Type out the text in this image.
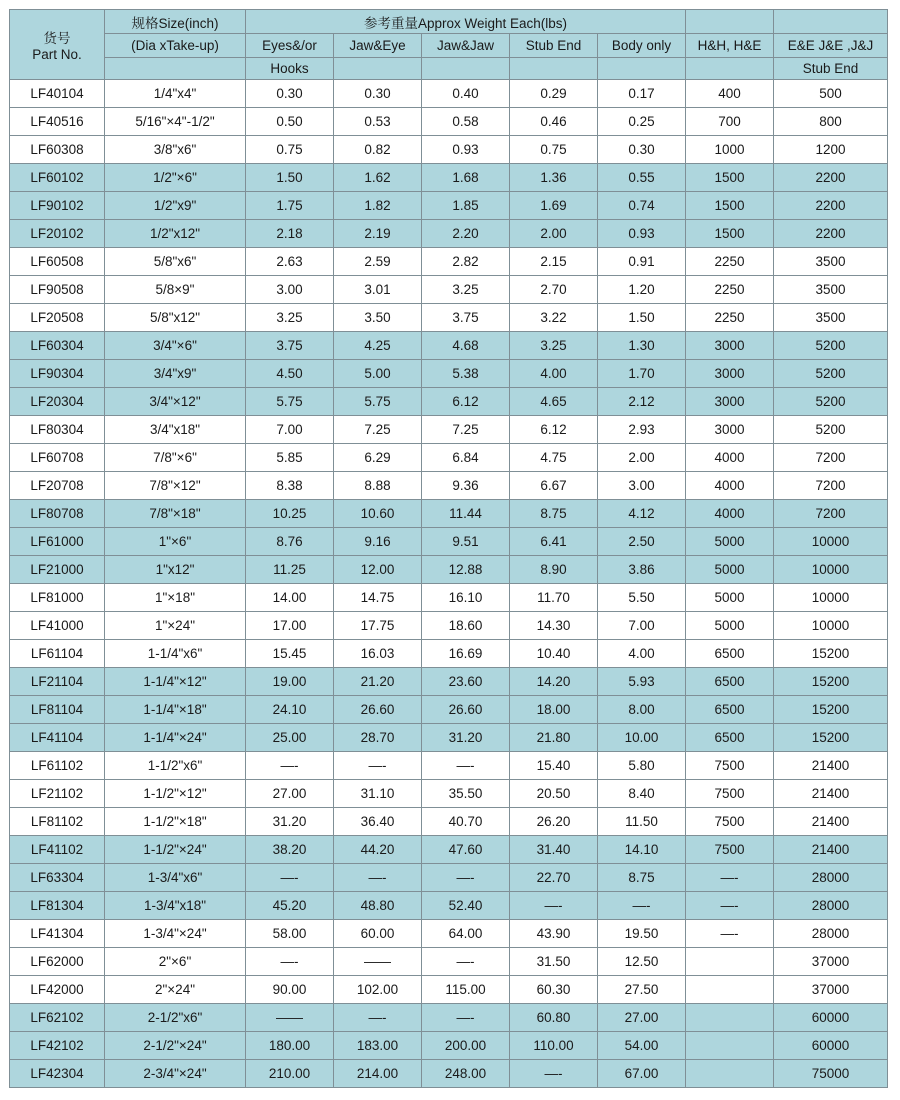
货号
Part No.	规格Size(inch)	参考重量Approx Weight Each(lbs)						
	(Dia xTake-up)	Eyes&/or	Jaw&Eye	Jaw&Jaw	Stub End	Body only	H&H, H&E	E&E J&E ,J&J
		Hooks						Stub End
LF40104	1/4"x4"	0.30	0.30	0.40	0.29	0.17	400	500
LF40516	5/16"×4"-1/2"	0.50	0.53	0.58	0.46	0.25	700	800
LF60308	3/8"x6"	0.75	0.82	0.93	0.75	0.30	1000	1200
LF60102	1/2"×6"	1.50	1.62	1.68	1.36	0.55	1500	2200
LF90102	1/2"x9"	1.75	1.82	1.85	1.69	0.74	1500	2200
LF20102	1/2"x12"	2.18	2.19	2.20	2.00	0.93	1500	2200
LF60508	5/8"x6"	2.63	2.59	2.82	2.15	0.91	2250	3500
LF90508	5/8×9"	3.00	3.01	3.25	2.70	1.20	2250	3500
LF20508	5/8"x12"	3.25	3.50	3.75	3.22	1.50	2250	3500
LF60304	3/4"×6"	3.75	4.25	4.68	3.25	1.30	3000	5200
LF90304	3/4"x9"	4.50	5.00	5.38	4.00	1.70	3000	5200
LF20304	3/4"×12"	5.75	5.75	6.12	4.65	2.12	3000	5200
LF80304	3/4"x18"	7.00	7.25	7.25	6.12	2.93	3000	5200
LF60708	7/8"×6"	5.85	6.29	6.84	4.75	2.00	4000	7200
LF20708	7/8"×12"	8.38	8.88	9.36	6.67	3.00	4000	7200
LF80708	7/8"×18"	10.25	10.60	11.44	8.75	4.12	4000	7200
LF61000	1"×6"	8.76	9.16	9.51	6.41	2.50	5000	10000
LF21000	1"x12"	11.25	12.00	12.88	8.90	3.86	5000	10000
LF81000	1"×18"	14.00	14.75	16.10	11.70	5.50	5000	10000
LF41000	1"×24"	17.00	17.75	18.60	14.30	7.00	5000	10000
LF61104	1-1/4"x6"	15.45	16.03	16.69	10.40	4.00	6500	15200
LF21104	1-1/4"×12"	19.00	21.20	23.60	14.20	5.93	6500	15200
LF81104	1-1/4"×18"	24.10	26.60	26.60	18.00	8.00	6500	15200
LF41104	1-1/4"×24"	25.00	28.70	31.20	21.80	10.00	6500	15200
LF61102	1-1/2"x6"	—-	—-	—-	15.40	5.80	7500	21400
LF21102	1-1/2"×12"	27.00	31.10	35.50	20.50	8.40	7500	21400
LF81102	1-1/2"×18"	31.20	36.40	40.70	26.20	11.50	7500	21400
LF41102	1-1/2"×24"	38.20	44.20	47.60	31.40	14.10	7500	21400
LF63304	1-3/4"x6"	—-	—-	—-	22.70	8.75	—-	28000
LF81304	1-3/4"x18"	45.20	48.80	52.40	—-	—-	—-	28000
LF41304	1-3/4"×24"	58.00	60.00	64.00	43.90	19.50	—-	28000
LF62000	2"×6"	—-	——	—-	31.50	12.50		37000
LF42000	2"×24"	90.00	102.00	115.00	60.30	27.50		37000
LF62102	2-1/2"x6"	——	—-	—-	60.80	27.00		60000
LF42102	2-1/2"×24"	180.00	183.00	200.00	110.00	54.00		60000
LF42304	2-3/4"×24"	210.00	214.00	248.00	—-	67.00		75000
